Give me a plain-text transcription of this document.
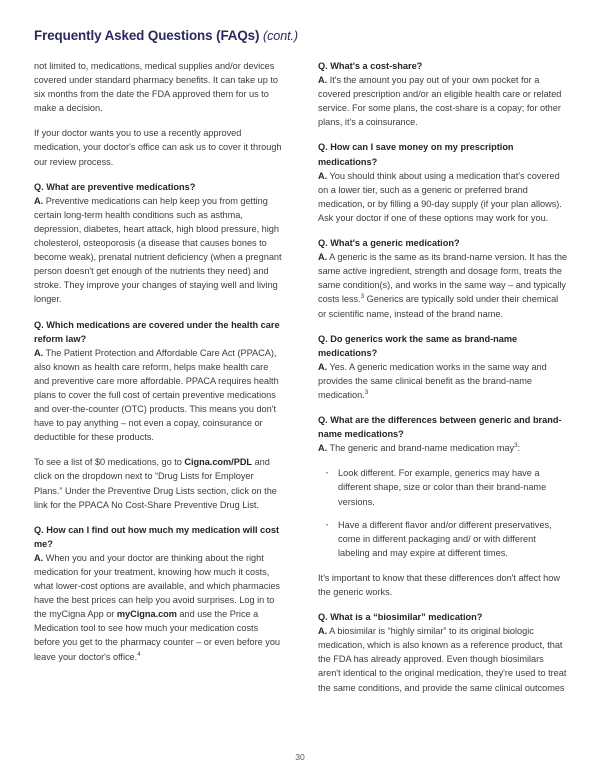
Frequently Asked Questions (FAQs) (cont.)

not limited to, medications, medical supplies and/or devices covered under standard pharmacy benefits. It can take up to six months from the date the FDA approved them for us to make a decision.

If your doctor wants you to use a recently approved medication, your doctor's office can ask us to cover it through our review process.

Q. What are preventive medications?

A. Preventive medications can help keep you from getting certain long-term health conditions such as asthma, depression, diabetes, heart attack, high blood pressure, high cholesterol, osteoporosis (a disease that causes bones to become weak), prenatal nutrient deficiency (when a pregnant person doesn't get enough of the nutrients they need) and stroke. They improve your changes of staying well and living longer.

Q. Which medications are covered under the health care reform law?

A. The Patient Protection and Affordable Care Act (PPACA), also known as health care reform, helps make health care and preventive care more affordable. PPACA requires health plans to cover the full cost of certain preventive medications and over-the-counter (OTC) products. This means you don't have to pay anything – not even a copay, coinsurance or deductible for these products.

To see a list of $0 medications, go to Cigna.com/PDL and click on the dropdown next to “Drug Lists for Employer Plans.” Under the Preventive Drug Lists section, click on the link for the PPACA No Cost-Share Preventive Drug List.

Q. How can I find out how much my medication will cost me?

A. When you and your doctor are thinking about the right medication for your treatment, knowing how much it costs, what lower-cost options are available, and which pharmacies have the best prices can help you avoid surprises. Log in to the myCigna App or myCigna.com and use the Price a Medication tool to see how much your medication costs before you get to the pharmacy counter – or even before you leave your doctor's office.$^4$

Q. What's a cost-share?

A. It's the amount you pay out of your own pocket for a covered prescription and/or an eligible health care or related service. For some plans, the cost-share is a copay; for other plans, it's a coinsurance.

Q. How can I save money on my prescription medications?

A. You should think about using a medication that's covered on a lower tier, such as a generic or preferred brand medication, or by filling a 90-day supply (if your plan allows). Ask your doctor if one of these options may work for you.

Q. What's a generic medication?

A. A generic is the same as its brand-name version. It has the same active ingredient, strength and dosage form, treats the same condition(s), and works in the same way – and typically costs less.$^3$ Generics are typically sold under their chemical or scientific name, instead of the brand name.

Q. Do generics work the same as brand-name medications?

A. Yes. A generic medication works in the same way and provides the same clinical benefit as the brand-name medication.$^3$

Q. What are the differences between generic and brand-name medications?

A. The generic and brand-name medication may$^3$:

· Look different. For example, generics may have a different shape, size or color than their brand-name versions.
· Have a different flavor and/or different preservatives, come in different packaging and/ or with different labeling and may expire at different times.

It's important to know that these differences don't affect how the generic works.

Q. What is a “biosimilar” medication?

A. A biosimilar is “highly similar” to its original biologic medication, which is also known as a reference product, that the FDA has already approved. Even though biosimilars aren't identical to the original medication, they're used to treat the same conditions, and provide the same clinical outcomes

30
